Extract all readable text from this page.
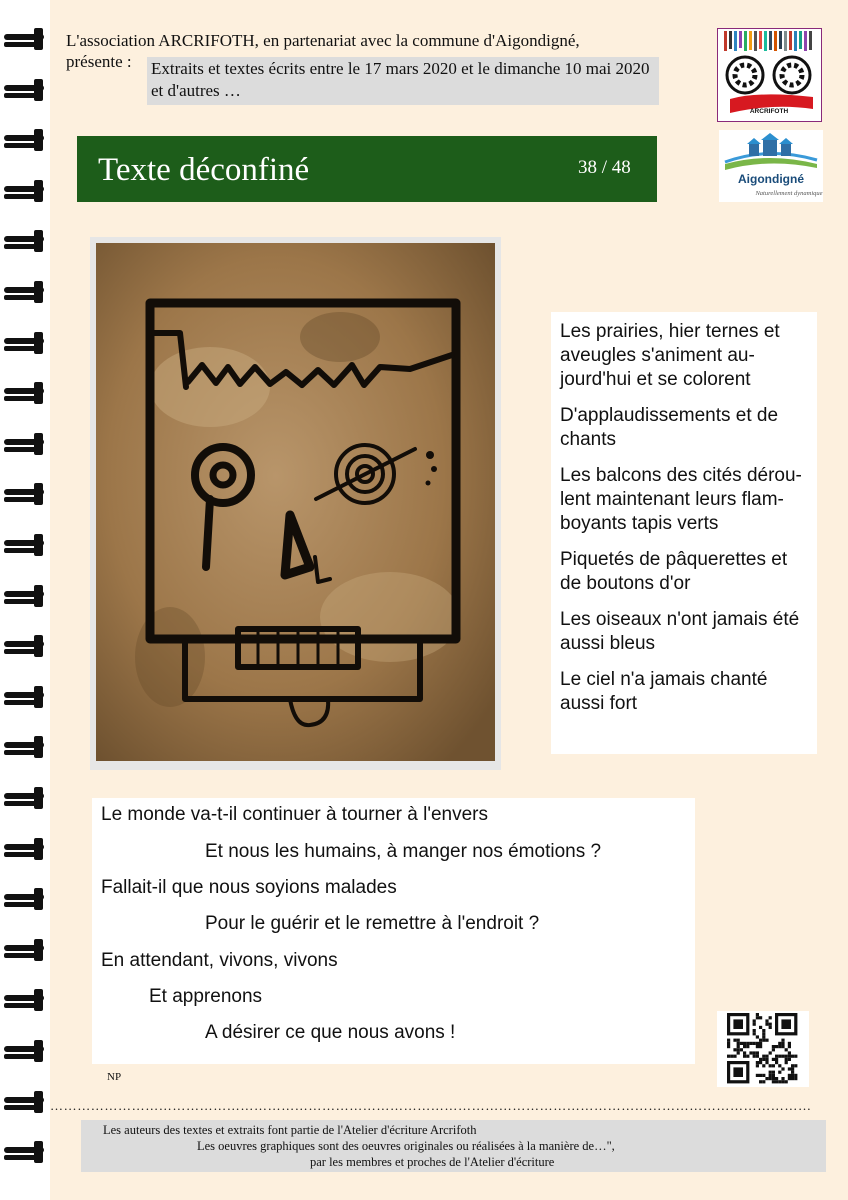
L'association ARCRIFOTH, en partenariat avec la commune d'Aigondigné,
présente : Extraits et textes écrits entre le 17 mars 2020 et le dimanche 10 mai 2020 et d'autres …
ARCRIFOTH
Aigondigné
Naturellement dynamique
Texte déconfiné	38 / 48

Les prairies, hier ternes et aveugles s'animent au-jourd'hui et se colorent

D'applaudissements et de chants

Les balcons des cités dérou-lent maintenant leurs flam-boyants tapis verts

Piquetés de pâquerettes et de boutons d'or

Les oiseaux n'ont jamais été aussi bleus

Le ciel n'a jamais chanté aussi fort

Le monde va-t-il continuer à tourner à l'envers
Et nous les humains, à manger nos émotions ?
Fallait-il que nous soyions malades
Pour le guérir et le remettre à l'endroit ?
En attendant, vivons, vivons
Et apprenons
A désirer ce que nous avons !
NP
……………………………………………………………………………………………………………………………………………………
Les auteurs des textes et extraits font partie de l'Atelier d'écriture Arcrifoth
Les oeuvres graphiques sont des oeuvres originales ou réalisées à la manière de…",
par les membres et proches de l'Atelier d'écriture
